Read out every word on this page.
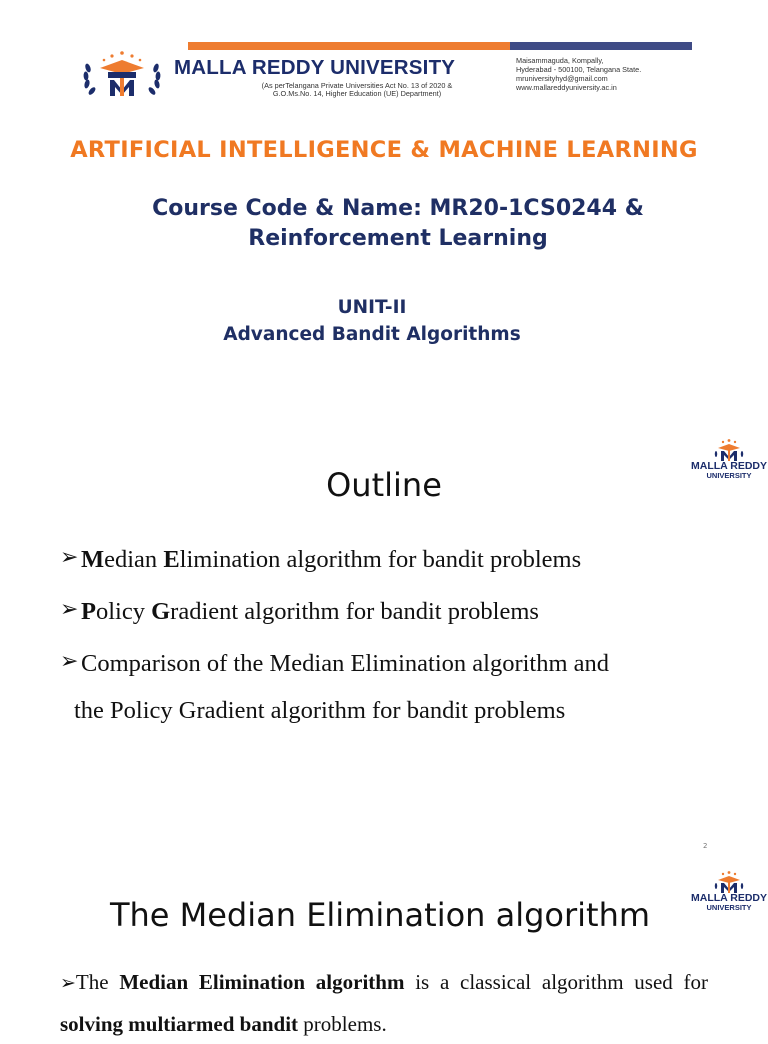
MALLA REDDY UNIVERSITY
(As perTelangana Private Universities Act No. 13 of 2020 &
G.O.Ms.No. 14, Higher Education (UE) Department)
Maisammaguda, Kompally,
Hyderabad - 500100, Telangana State.
mruniversityhyd@gmail.com
www.mallareddyuniversity.ac.in
ARTIFICIAL INTELLIGENCE & MACHINE LEARNING
Course Code & Name: MR20-1CS0244 &
Reinforcement Learning
UNIT-II
Advanced Bandit Algorithms
MALLA REDDY
UNIVERSITY
Outline
➢ Median Elimination algorithm for bandit problems
➢ Policy Gradient algorithm for bandit problems
➢ Comparison of the Median Elimination algorithm and
the Policy Gradient algorithm for bandit problems
2
MALLA REDDY
UNIVERSITY
The Median Elimination algorithm
➢The Median Elimination algorithm is a classical algorithm used for solving multiarmed bandit problems.
